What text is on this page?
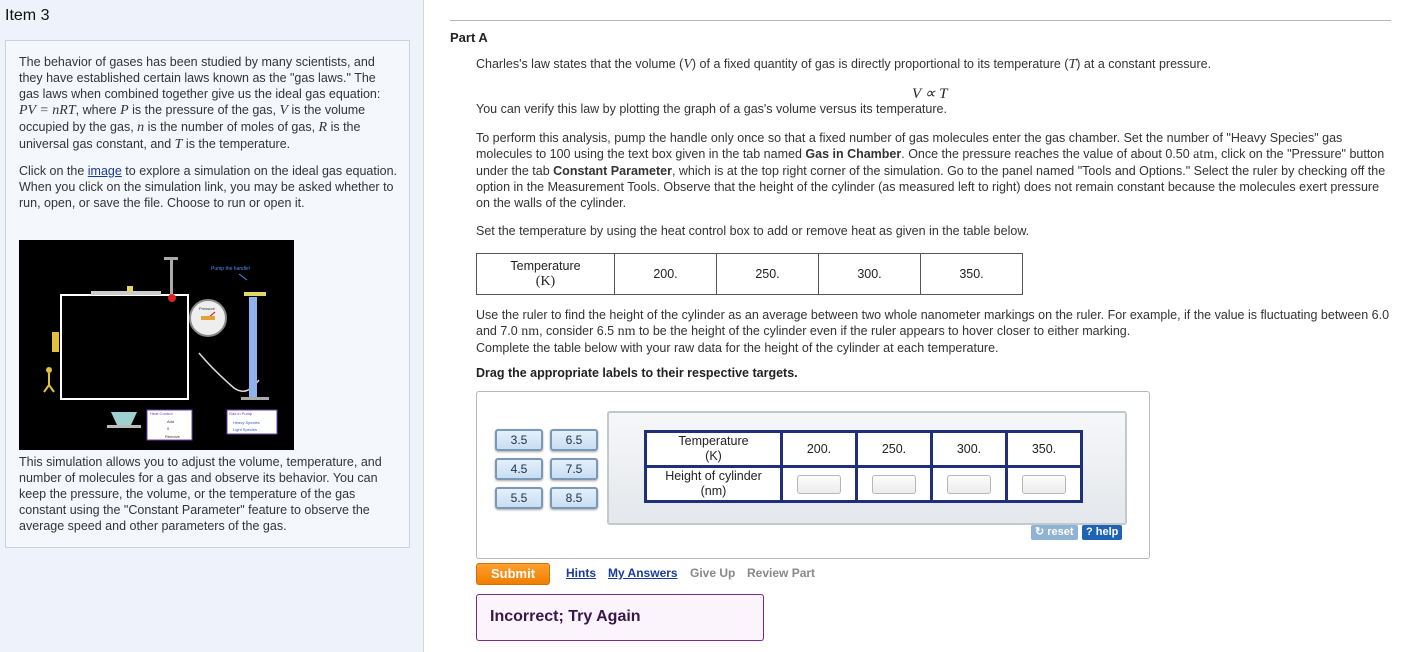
Item 3

The behavior of gases has been studied by many scientists, and they have established certain laws known as the "gas laws." The gas laws when combined together give us the ideal gas equation: PV = nRT, where P is the pressure of the gas, V is the volume occupied by the gas, n is the number of moles of gas, R is the universal gas constant, and T is the temperature.

Click on the image to explore a simulation on the ideal gas equation. When you click on the simulation link, you may be asked whether to run, open, or save the file. Choose to run or open it.

Pump the handle!
Pressure
Heat Control
Add
0
Remove
Gas in Pump
Heavy Species
Light Species

This simulation allows you to adjust the volume, temperature, and number of molecules for a gas and observe its behavior. You can keep the pressure, the volume, or the temperature of the gas constant using the "Constant Parameter" feature to observe the average speed and other parameters of the gas.

Part A

Charles's law states that the volume (V) of a fixed quantity of gas is directly proportional to its temperature (T) at a constant pressure.

V ∝ T

You can verify this law by plotting the graph of a gas's volume versus its temperature.

To perform this analysis, pump the handle only once so that a fixed number of gas molecules enter the gas chamber. Set the number of "Heavy Species" gas molecules to 100 using the text box given in the tab named Gas in Chamber. Once the pressure reaches the value of about 0.50 atm, click on the "Pressure" button under the tab Constant Parameter, which is at the top right corner of the simulation. Go to the panel named "Tools and Options." Select the ruler by checking off the option in the Measurement Tools. Observe that the height of the cylinder (as measured left to right) does not remain constant because the molecules exert pressure on the walls of the cylinder.

Set the temperature by using the heat control box to add or remove heat as given in the table below.

Temperature
(K)	200.	250.	300.	350.

Use the ruler to find the height of the cylinder as an average between two whole nanometer markings on the ruler. For example, if the value is fluctuating between 6.0 and 7.0 nm, consider 6.5 nm to be the height of the cylinder even if the ruler appears to hover closer to either marking.
Complete the table below with your raw data for the height of the cylinder at each temperature.

Drag the appropriate labels to their respective targets.

3.5	6.5
4.5	7.5
5.5	8.5
Temperature
(K)	200.	250.	300.	350.
Height of cylinder
(nm)				
↻ reset	? help
Submit	Hints My Answers Give Up Review Part
Incorrect; Try Again
